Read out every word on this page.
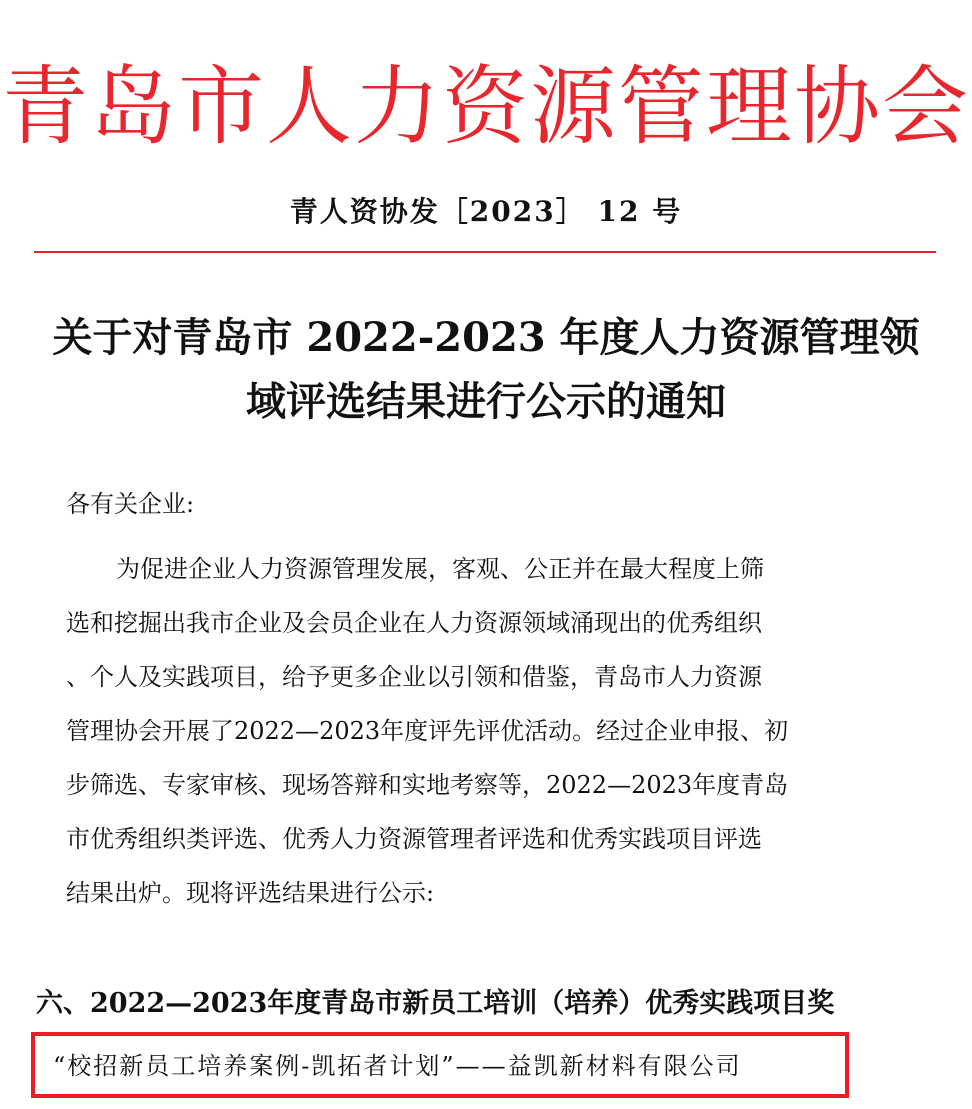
青岛市人力资源管理协会
青人资协发［2023］ 12 号
关于对青岛市 2022-2023 年度人力资源管理领
域评选结果进行公示的通知
各有关企业:
为促进企业人力资源管理发展，客观、公正并在最大程度上筛
选和挖掘出我市企业及会员企业在人力资源领域涌现出的优秀组织
、个人及实践项目，给予更多企业以引领和借鉴，青岛市人力资源
管理协会开展了2022—2023年度评先评优活动。经过企业申报、初
步筛选、专家审核、现场答辩和实地考察等，2022—2023年度青岛
市优秀组织类评选、优秀人力资源管理者评选和优秀实践项目评选
结果出炉。现将评选结果进行公示:
六、2022—2023年度青岛市新员工培训（培养）优秀实践项目奖
“校招新员工培养案例-凯拓者计划”——益凯新材料有限公司
